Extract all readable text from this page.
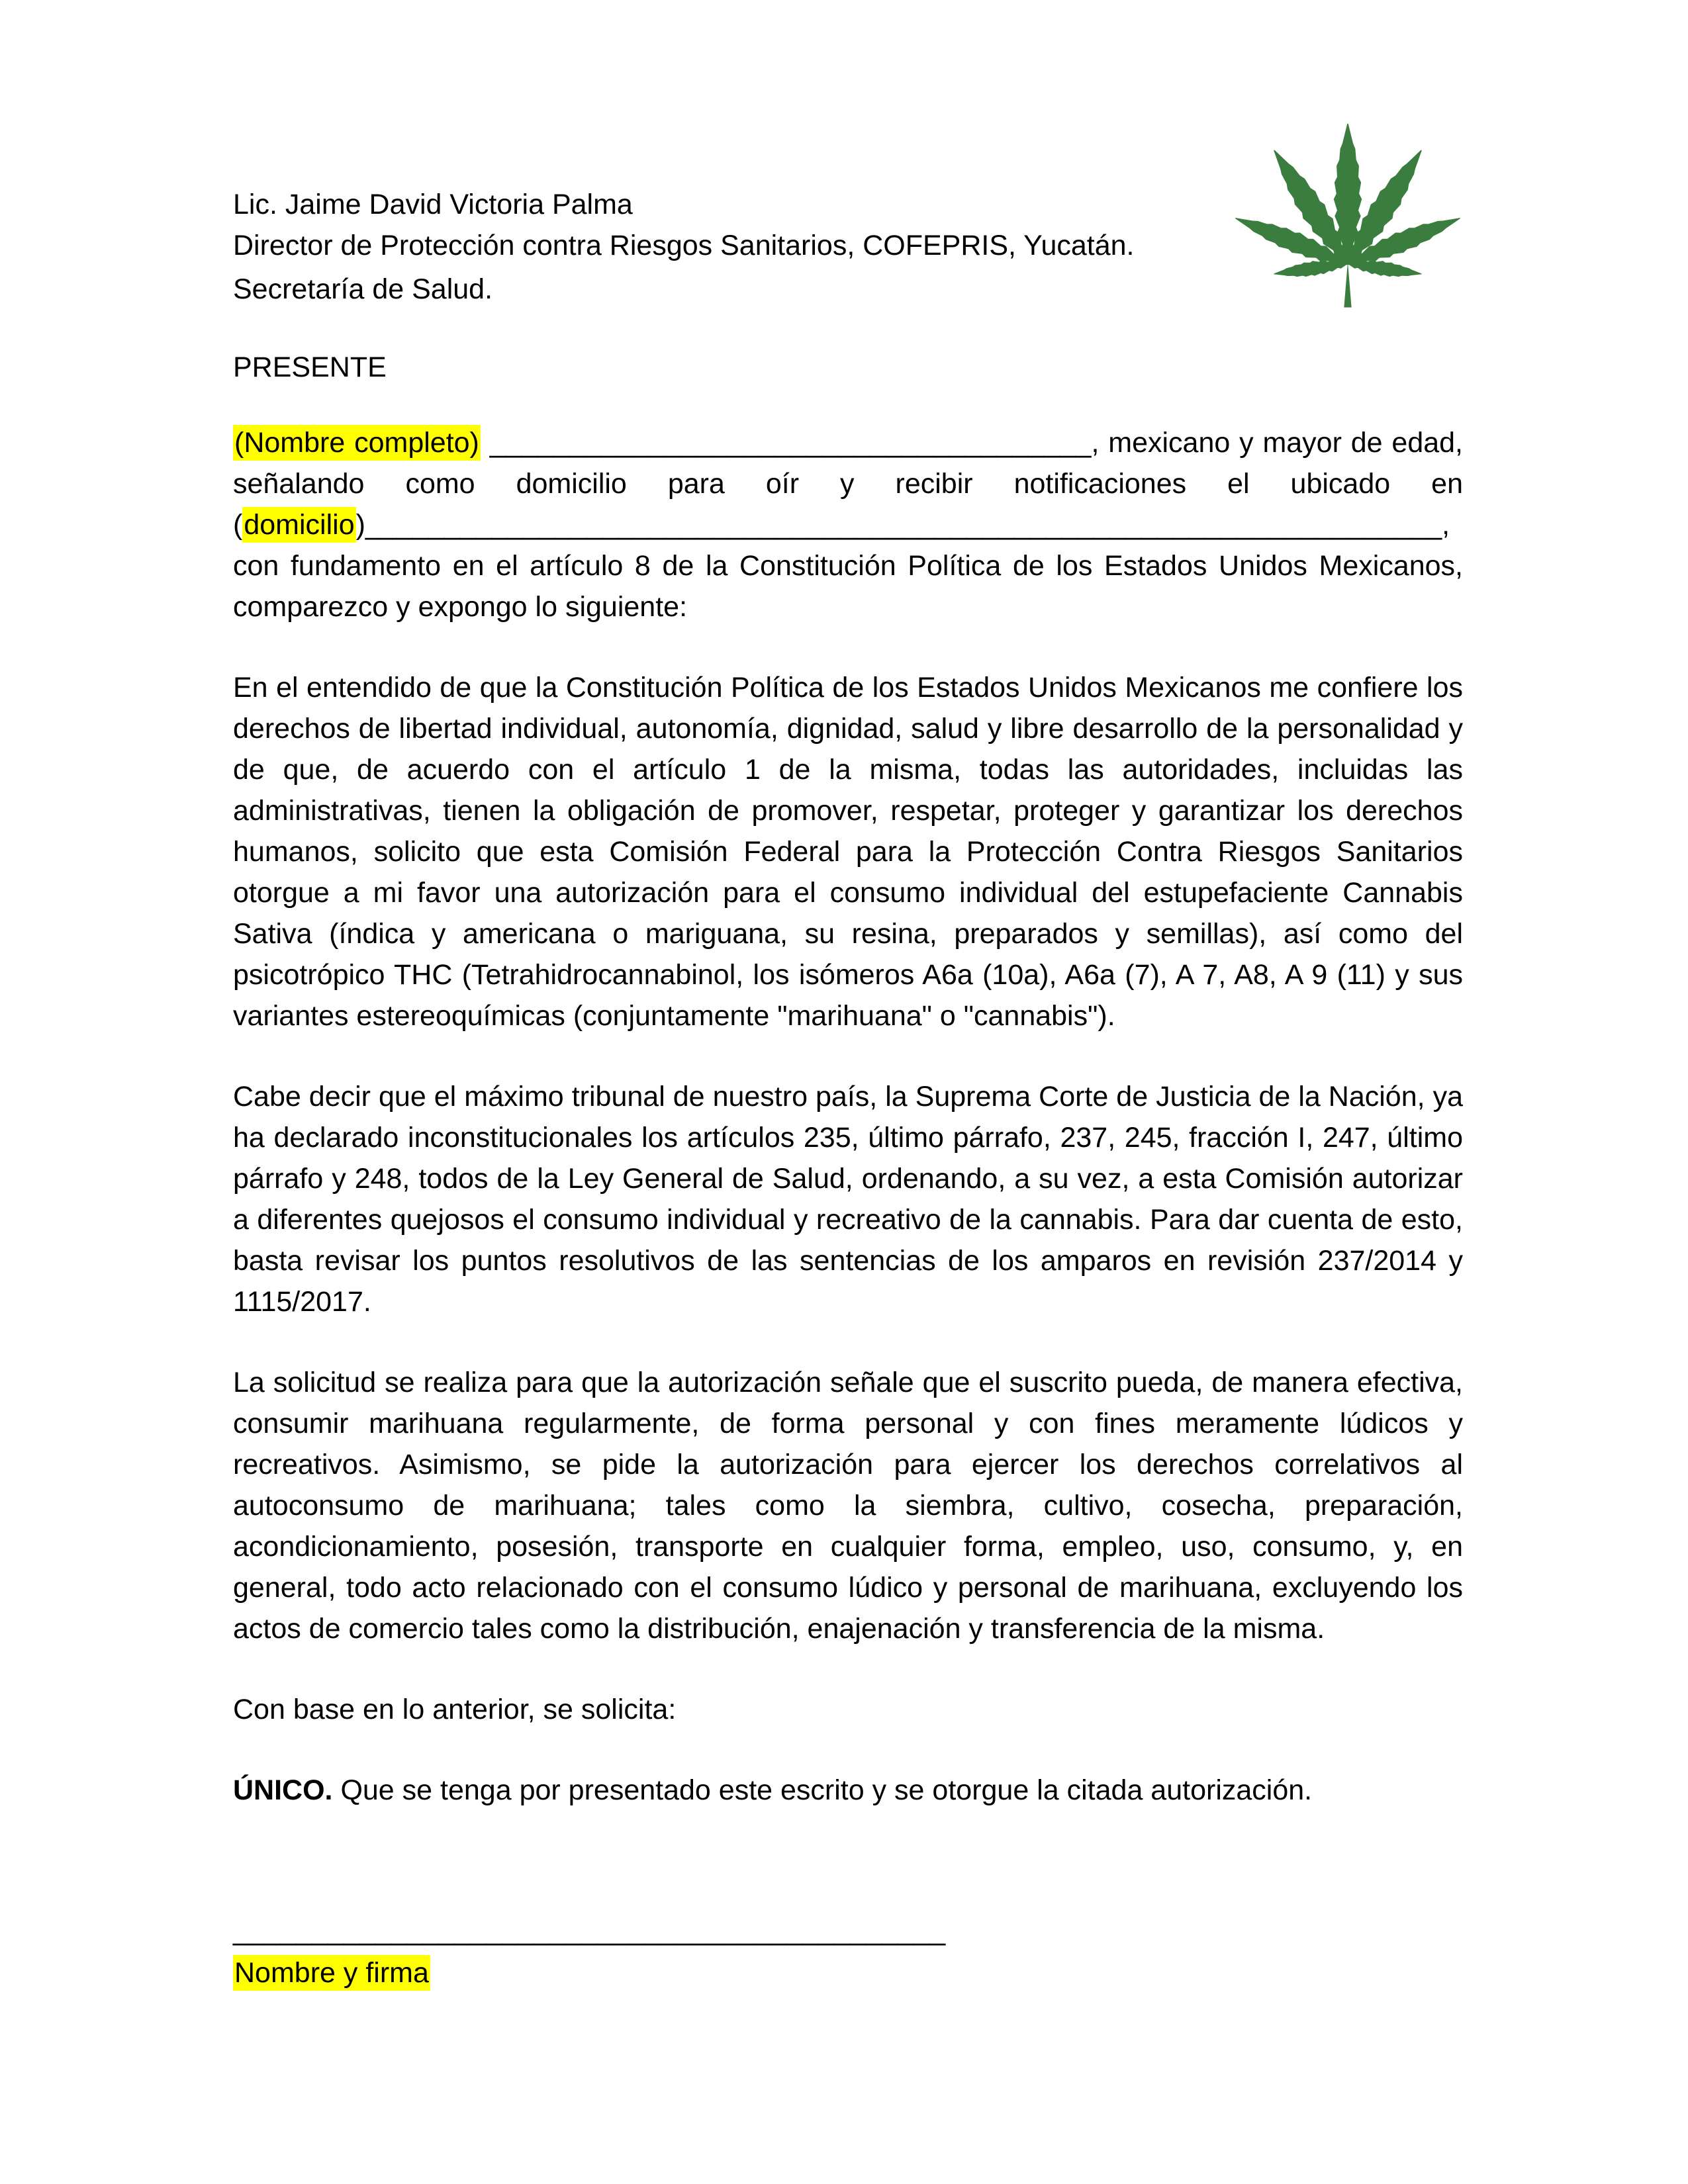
Lic. Jaime David Victoria Palma

Director de Protección contra Riesgos Sanitarios, COFEPRIS, Yucatán.

Secretaría de Salud.

PRESENTE

(Nombre completo) ______________________________________, mexicano y mayor de edad, señalando como domicilio para oír y recibir notificaciones el ubicado en (domicilio)____________________________________________________________________, con fundamento en el artículo 8 de la Constitución Política de los Estados Unidos Mexicanos, comparezco y expongo lo siguiente:

En el entendido de que la Constitución Política de los Estados Unidos Mexicanos me confiere los derechos de libertad individual, autonomía, dignidad, salud y libre desarrollo de la personalidad y de que, de acuerdo con el artículo 1 de la misma, todas las autoridades, incluidas las administrativas, tienen la obligación de promover, respetar, proteger y garantizar los derechos humanos, solicito que esta Comisión Federal para la Protección Contra Riesgos Sanitarios otorgue a mi favor una autorización para el consumo individual del estupefaciente Cannabis Sativa (índica y americana o mariguana, su resina, preparados y semillas), así como del psicotrópico THC (Tetrahidrocannabinol, los isómeros A6a (10a), A6a (7), A 7, A8, A 9 (11) y sus variantes estereoquímicas (conjuntamente "marihuana" o "cannabis").

Cabe decir que el máximo tribunal de nuestro país, la Suprema Corte de Justicia de la Nación, ya ha declarado inconstitucionales los artículos 235, último párrafo, 237, 245, fracción I, 247, último párrafo y 248, todos de la Ley General de Salud, ordenando, a su vez, a esta Comisión autorizar a diferentes quejosos el consumo individual y recreativo de la cannabis. Para dar cuenta de esto, basta revisar los puntos resolutivos de las sentencias de los amparos en revisión 237/2014 y 1115/2017.

La solicitud se realiza para que la autorización señale que el suscrito pueda, de manera efectiva, consumir marihuana regularmente, de forma personal y con fines meramente lúdicos y recreativos. Asimismo, se pide la autorización para ejercer los derechos correlativos al autoconsumo de marihuana; tales como la siembra, cultivo, cosecha, preparación, acondicionamiento, posesión, transporte en cualquier forma, empleo, uso, consumo, y, en general, todo acto relacionado con el consumo lúdico y personal de marihuana, excluyendo los actos de comercio tales como la distribución, enajenación y transferencia de la misma.

Con base en lo anterior, se solicita:

ÚNICO. Que se tenga por presentado este escrito y se otorgue la citada autorización.

_____________________________________________

Nombre y firma
